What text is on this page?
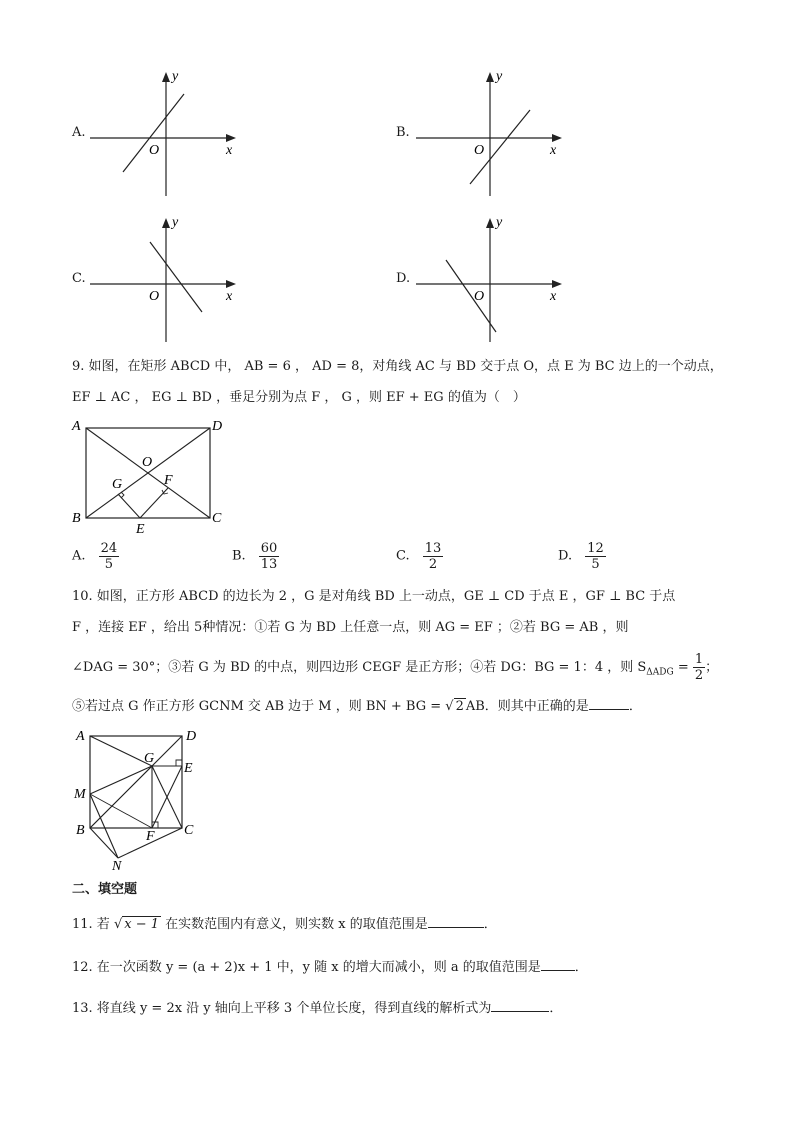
A.
y
x
O
B.
y
x
O
C.
y
x
O
D.
y
x
O
9. 如图，在矩形 ABCD 中， AB = 6 ， AD = 8，对角线 AC 与 BD 交于点 O，点 E 为 BC 边上的一个动点，
EF ⊥ AC ， EG ⊥ BD ，垂足分别为点 F ， G ，则 EF + EG 的值为（　）
A	D
B	C
O
E
F
G
A. $\frac{24}{5}$	B. $\frac{60}{13}$	C. $\frac{13}{2}$	D. $\frac{12}{5}$
10. 如图，正方形 ABCD 的边长为 2 ，G 是对角线 BD 上一动点，GE ⊥ CD 于点 E ，GF ⊥ BC 于点
F ，连接 EF ，给出 5种情况：①若 G 为 BD 上任意一点，则 AG = EF ；②若 BG = AB ，则
∠DAG = 30°；③若 G 为 BD 的中点，则四边形 CEGF 是正方形；④若 DG：BG = 1：4 ，则 $S_{\Delta ADG} = \frac{1}{2}$ ；
⑤若过点 G 作正方形 GCNM 交 AB 边于 M ，则 BN + BG = √ 2 AB．则其中正确的是	．
A	D
B	C
G
E
F
M
N
二、填空题
11. 若 √ x − 1 在实数范围内有意义，则实数 x 的取值范围是	．
12. 在一次函数 y = (a + 2)x + 1 中，y 随 x 的增大而减小，则 a 的取值范围是	．
13. 将直线 y = 2x 沿 y 轴向上平移 3 个单位长度，得到直线的解析式为	．
